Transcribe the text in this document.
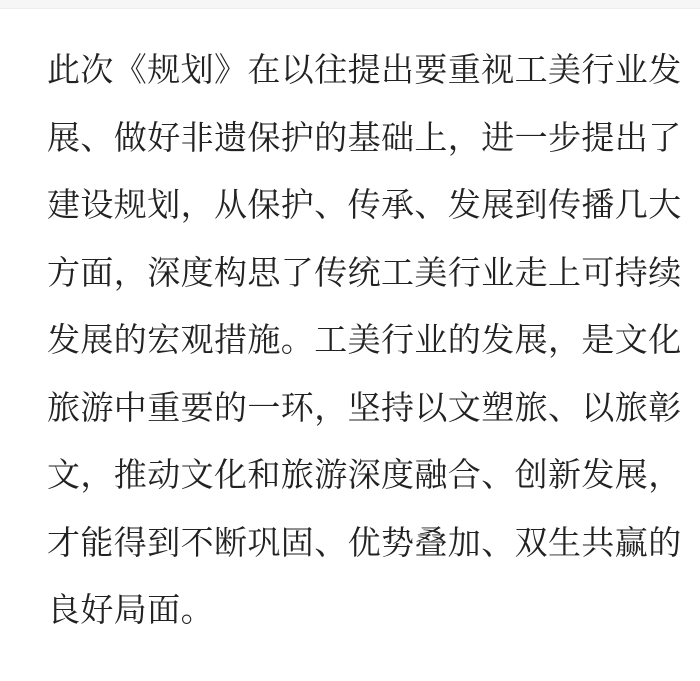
此次《规划》在以往提出要重视工美行业发
展、做好非遗保护的基础上，进一步提出了
建设规划，从保护、传承、发展到传播几大
方面，深度构思了传统工美行业走上可持续
发展的宏观措施。工美行业的发展，是文化
旅游中重要的一环，坚持以文塑旅、以旅彰
文，推动文化和旅游深度融合、创新发展，
才能得到不断巩固、优势叠加、双生共赢的
良好局面。
